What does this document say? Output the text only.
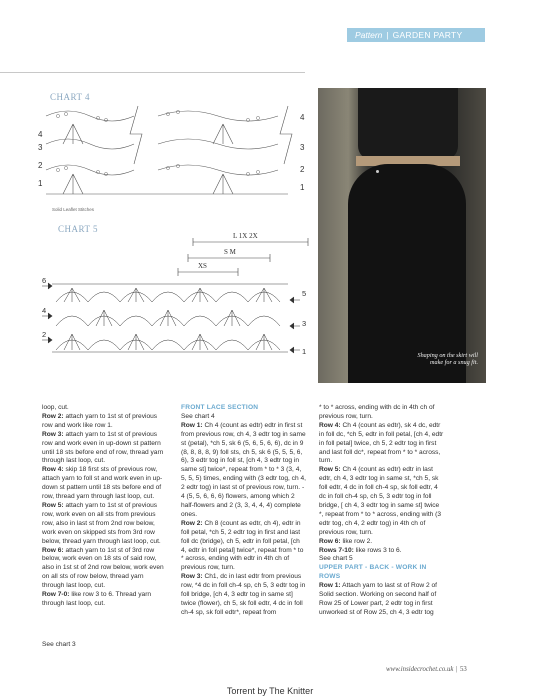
Pattern | GARDEN PARTY
CHART 4
4
3
2
1
4
3
2
1
Solid Leaflet Stitches
CHART 5
L 1X 2X
S M
XS
6
4
2
5
3
1	Shaping on the skirt will make for a snug fit.

loop, cut.

Row 2: attach yarn to 1st st of previous row and work like row 1.

Row 3: attach yarn to 1st st of previous row and work even in up-down st pattern until 18 sts before end of row, thread yarn through last loop, cut.

Row 4: skip 18 first sts of previous row, attach yarn to foll st and work even in up-down st pattern until 18 sts before end of row, thread yarn through last loop, cut.

Row 5: attach yarn to 1st st of previous row, work even on all sts from previous row, also in last st from 2nd row below, work even on skipped sts from 3rd row below, thread yarn through last loop, cut.

Row 6: attach yarn to 1st st of 3rd row below, work even on 18 sts of said row, also in 1st st of 2nd row below, work even on all sts of row below, thread yarn through last loop, cut.

Row 7-0: like row 3 to 6. Thread yarn through last loop, cut.

See chart 3

FRONT LACE SECTION

See chart 4

Row 1: Ch 4 (count as edtr) edtr in first st from previous row, ch 4, 3 edtr tog in same st (petal), *ch 5, sk 6 (5, 6, 5, 6, 6), dc in 9 (8, 8, 8, 8, 9) foll sts, ch 5, sk 6 (5, 5, 5, 6, 6), 3 edtr tog in foll st, [ch 4, 3 edtr tog in same st] twice*, repeat from * to * 3 (3, 4, 5, 5, 5) times, ending with (3 edtr tog, ch 4, 2 edtr tog) in last st of previous row, turn. - 4 (5, 5, 6, 6, 6) flowers, among which 2 half-flowers and 2 (3, 3, 4, 4, 4) complete ones.

Row 2: Ch 8 (count as edtr, ch 4), edtr in foll petal, *ch 5, 2 edtr tog in first and last foll dc (bridge), ch 5, edtr in foll petal, [ch 4, edtr in foll petal] twice*, repeat from * to * across, ending with edtr in 4th ch of previous row, turn.

Row 3: Ch1, dc in last edtr from previous row, *4 dc in foll ch-4 sp, ch 5, 3 edtr tog in foll bridge, [ch 4, 3 edtr tog in same st] twice (flower), ch 5, sk foll edtr, 4 dc in foll ch-4 sp, sk foll edtr*, repeat from

* to * across, ending with dc in 4th ch of previous row, turn.

Row 4: Ch 4 (count as edtr), sk 4 dc, edtr in foll dc, *ch 5, edtr in foll petal, [ch 4, edtr in foll petal] twice, ch 5, 2 edtr tog in first and last foll dc*, repeat from * to * across, turn.

Row 5: Ch 4 (count as edtr) edtr in last edtr, ch 4, 3 edtr tog in same st, *ch 5, sk foll edtr, 4 dc in foll ch-4 sp, sk foll edtr, 4 dc in foll ch-4 sp, ch 5, 3 edtr tog in foll bridge, [ ch 4, 3 edtr tog in same st] twice *, repeat from * to * across, ending with (3 edtr tog, ch 4, 2 edtr tog) in 4th ch of previous row, turn.

Row 6: like row 2.

Rows 7-10: like rows 3 to 6.

See chart 5

UPPER PART - BACK - WORK IN ROWS

Row 1: Attach yarn to last st of Row 2 of Solid section. Working on second half of Row 25 of Lower part, 2 edtr tog in first unworked st of Row 25, ch 4, 3 edtr tog

www.insidecrochet.co.uk | 53
Torrent by The Knitter
